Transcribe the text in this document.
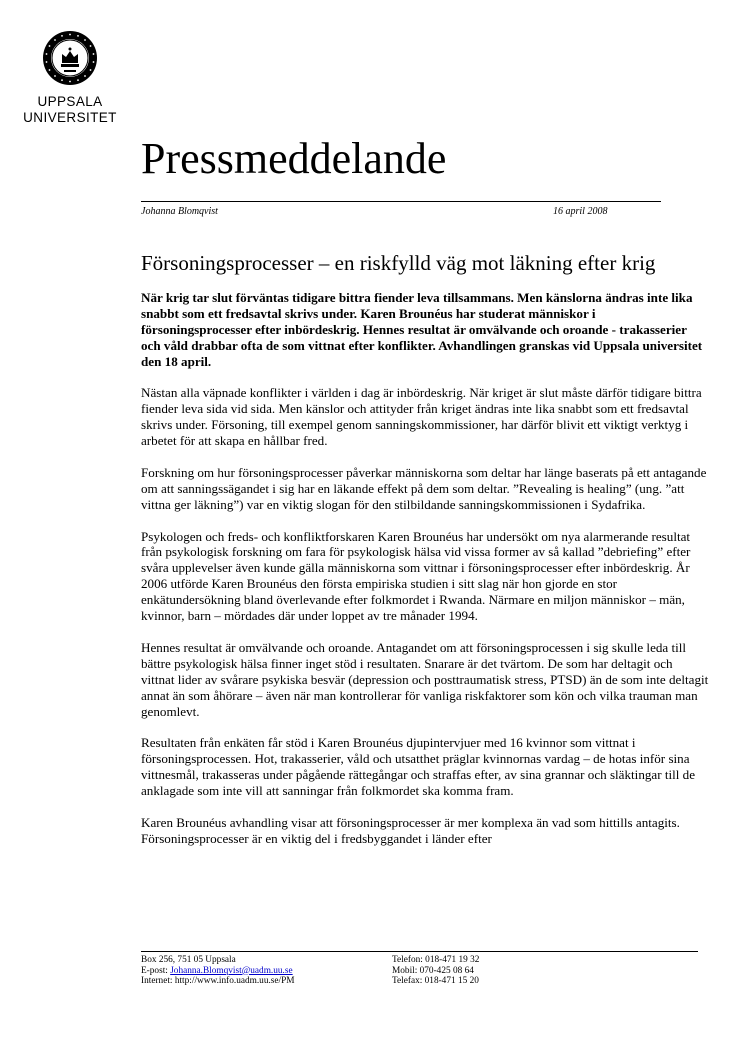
UPPSALA
UNIVERSITET
Pressmeddelande
Johanna Blomqvist	16 april 2008
Försoningsprocesser – en riskfylld väg mot läkning efter krig

När krig tar slut förväntas tidigare bittra fiender leva tillsammans. Men känslorna ändras inte lika snabbt som ett fredsavtal skrivs under. Karen Brounéus har studerat människor i försoningsprocesser efter inbördeskrig. Hennes resultat är omvälvande och oroande - trakasserier och våld drabbar ofta de som vittnat efter konflikter. Avhandlingen granskas vid Uppsala universitet den 18 april.

Nästan alla väpnade konflikter i världen i dag är inbördeskrig. När kriget är slut måste därför tidigare bittra fiender leva sida vid sida. Men känslor och attityder från kriget ändras inte lika snabbt som ett fredsavtal skrivs under. Försoning, till exempel genom sanningskommissioner, har därför blivit ett viktigt verktyg i arbetet för att skapa en hållbar fred.

Forskning om hur försoningsprocesser påverkar människorna som deltar har länge baserats på ett antagande om att sanningssägandet i sig har en läkande effekt på dem som deltar. ”Revealing is healing” (ung. ”att vittna ger läkning”) var en viktig slogan för den stilbildande sanningskommissionen i Sydafrika.

Psykologen och freds- och konfliktforskaren Karen Brounéus har undersökt om nya alarmerande resultat från psykologisk forskning om fara för psykologisk hälsa vid vissa former av så kallad ”debriefing” efter svåra upplevelser även kunde gälla människorna som vittnar i försoningsprocesser efter inbördeskrig. År 2006 utförde Karen Brounéus den första empiriska studien i sitt slag när hon gjorde en stor enkätundersökning bland överlevande efter folkmordet i Rwanda. Närmare en miljon människor – män, kvinnor, barn – mördades där under loppet av tre månader 1994.

Hennes resultat är omvälvande och oroande. Antagandet om att försoningsprocessen i sig skulle leda till bättre psykologisk hälsa finner inget stöd i resultaten. Snarare är det tvärtom. De som har deltagit och vittnat lider av svårare psykiska besvär (depression och posttraumatisk stress, PTSD) än de som inte deltagit annat än som åhörare – även när man kontrollerar för vanliga riskfaktorer som kön och vilka trauman man genomlevt.

Resultaten från enkäten får stöd i Karen Brounéus djupintervjuer med 16 kvinnor som vittnat i försoningsprocessen. Hot, trakasserier, våld och utsatthet präglar kvinnornas vardag – de hotas inför sina vittnesmål, trakasseras under pågående rättegångar och straffas efter, av sina grannar och släktingar till de anklagade som inte vill att sanningar från folkmordet ska komma fram.

Karen Brounéus avhandling visar att försoningsprocesser är mer komplexa än vad som hittills antagits. Försoningsprocesser är en viktig del i fredsbyggandet i länder efter

Box 256, 751 05 Uppsala
E-post: Johanna.Blomqvist@uadm.uu.se
Internet: http://www.info.uadm.uu.se/PM
Telefon: 018-471 19 32
Mobil: 070-425 08 64
Telefax: 018-471 15 20
